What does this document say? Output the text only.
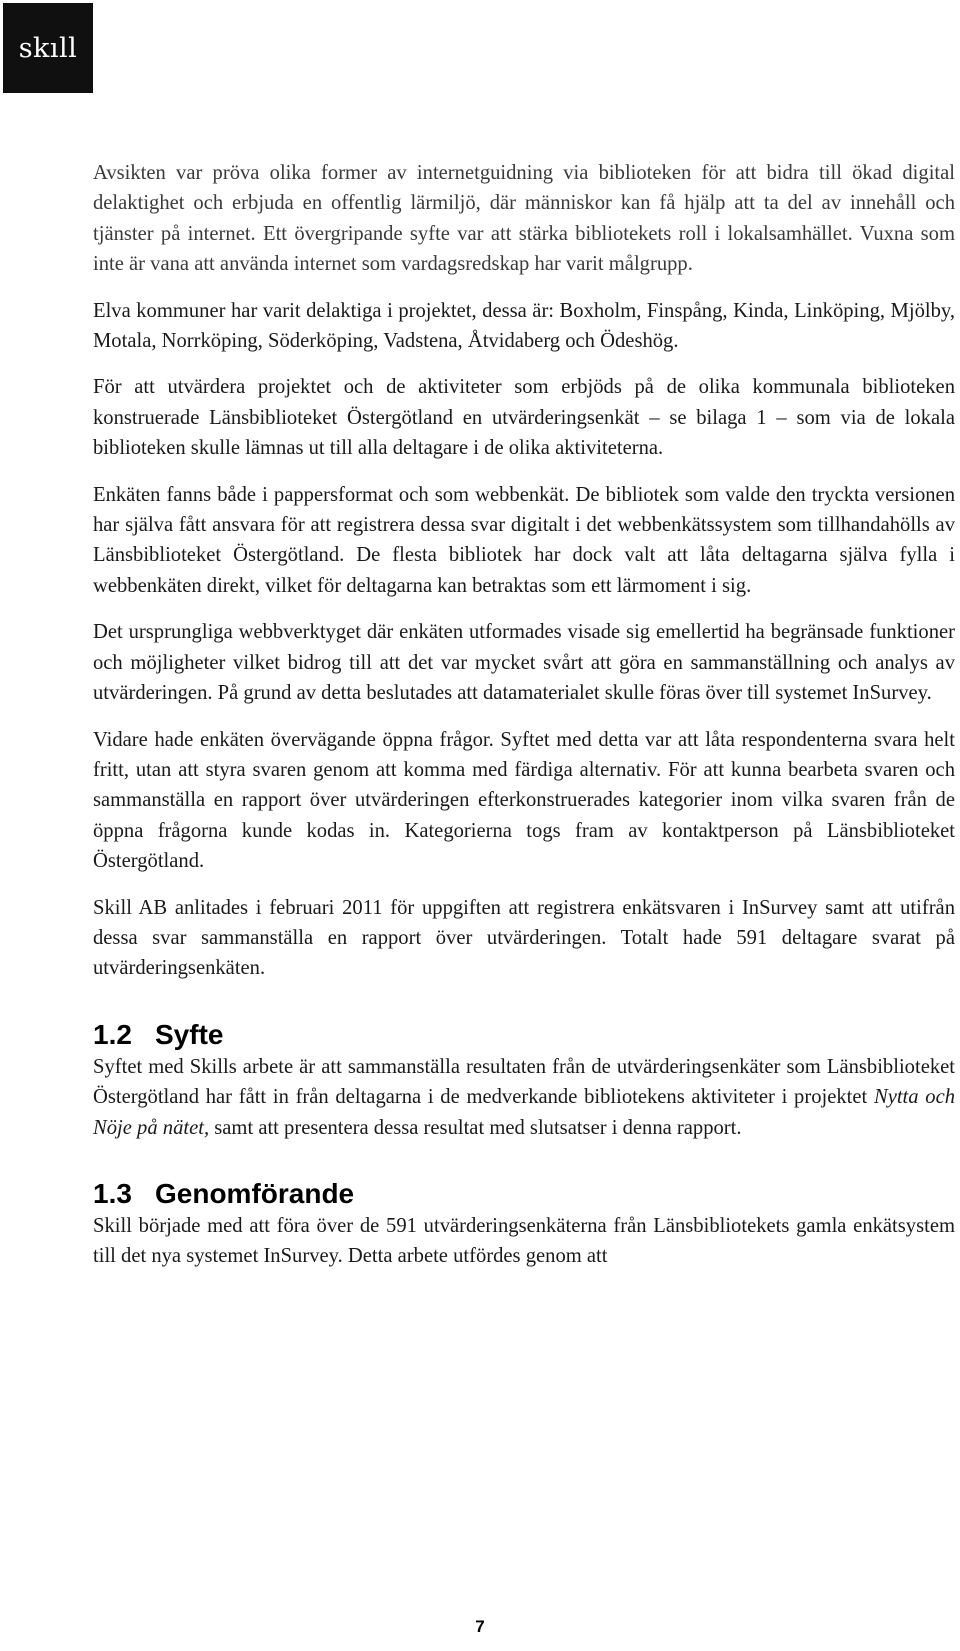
skıll

Avsikten var pröva olika former av internetguidning via biblioteken för att bidra till ökad digital delaktighet och erbjuda en offentlig lärmiljö, där människor kan få hjälp att ta del av innehåll och tjänster på internet. Ett övergripande syfte var att stärka bibliotekets roll i lokalsamhället. Vuxna som inte är vana att använda internet som vardagsredskap har varit målgrupp.

Elva kommuner har varit delaktiga i projektet, dessa är: Boxholm, Finspång, Kinda, Linköping, Mjölby, Motala, Norrköping, Söderköping, Vadstena, Åtvidaberg och Ödeshög.

För att utvärdera projektet och de aktiviteter som erbjöds på de olika kommunala biblioteken konstruerade Länsbiblioteket Östergötland en utvärderingsenkät – se bilaga 1 – som via de lokala biblioteken skulle lämnas ut till alla deltagare i de olika aktiviteterna.

Enkäten fanns både i pappersformat och som webbenkät. De bibliotek som valde den tryckta versionen har själva fått ansvara för att registrera dessa svar digitalt i det webbenkätssystem som tillhandahölls av Länsbiblioteket Östergötland. De flesta bibliotek har dock valt att låta deltagarna själva fylla i webbenkäten direkt, vilket för deltagarna kan betraktas som ett lärmoment i sig.

Det ursprungliga webbverktyget där enkäten utformades visade sig emellertid ha begränsade funktioner och möjligheter vilket bidrog till att det var mycket svårt att göra en sammanställning och analys av utvärderingen. På grund av detta beslutades att datamaterialet skulle föras över till systemet InSurvey.

Vidare hade enkäten övervägande öppna frågor. Syftet med detta var att låta respondenterna svara helt fritt, utan att styra svaren genom att komma med färdiga alternativ. För att kunna bearbeta svaren och sammanställa en rapport över utvärderingen efterkonstruerades kategorier inom vilka svaren från de öppna frågorna kunde kodas in. Kategorierna togs fram av kontaktperson på Länsbiblioteket Östergötland.

Skill AB anlitades i februari 2011 för uppgiften att registrera enkätsvaren i InSurvey samt att utifrån dessa svar sammanställa en rapport över utvärderingen. Totalt hade 591 deltagare svarat på utvärderingsenkäten.

1.2 Syfte

Syftet med Skills arbete är att sammanställa resultaten från de utvärderingsenkäter som Länsbiblioteket Östergötland har fått in från deltagarna i de medverkande bibliotekens aktiviteter i projektet Nytta och Nöje på nätet, samt att presentera dessa resultat med slutsatser i denna rapport.

1.3 Genomförande

Skill började med att föra över de 591 utvärderingsenkäterna från Länsbibliotekets gamla enkätsystem till det nya systemet InSurvey. Detta arbete utfördes genom att

7
